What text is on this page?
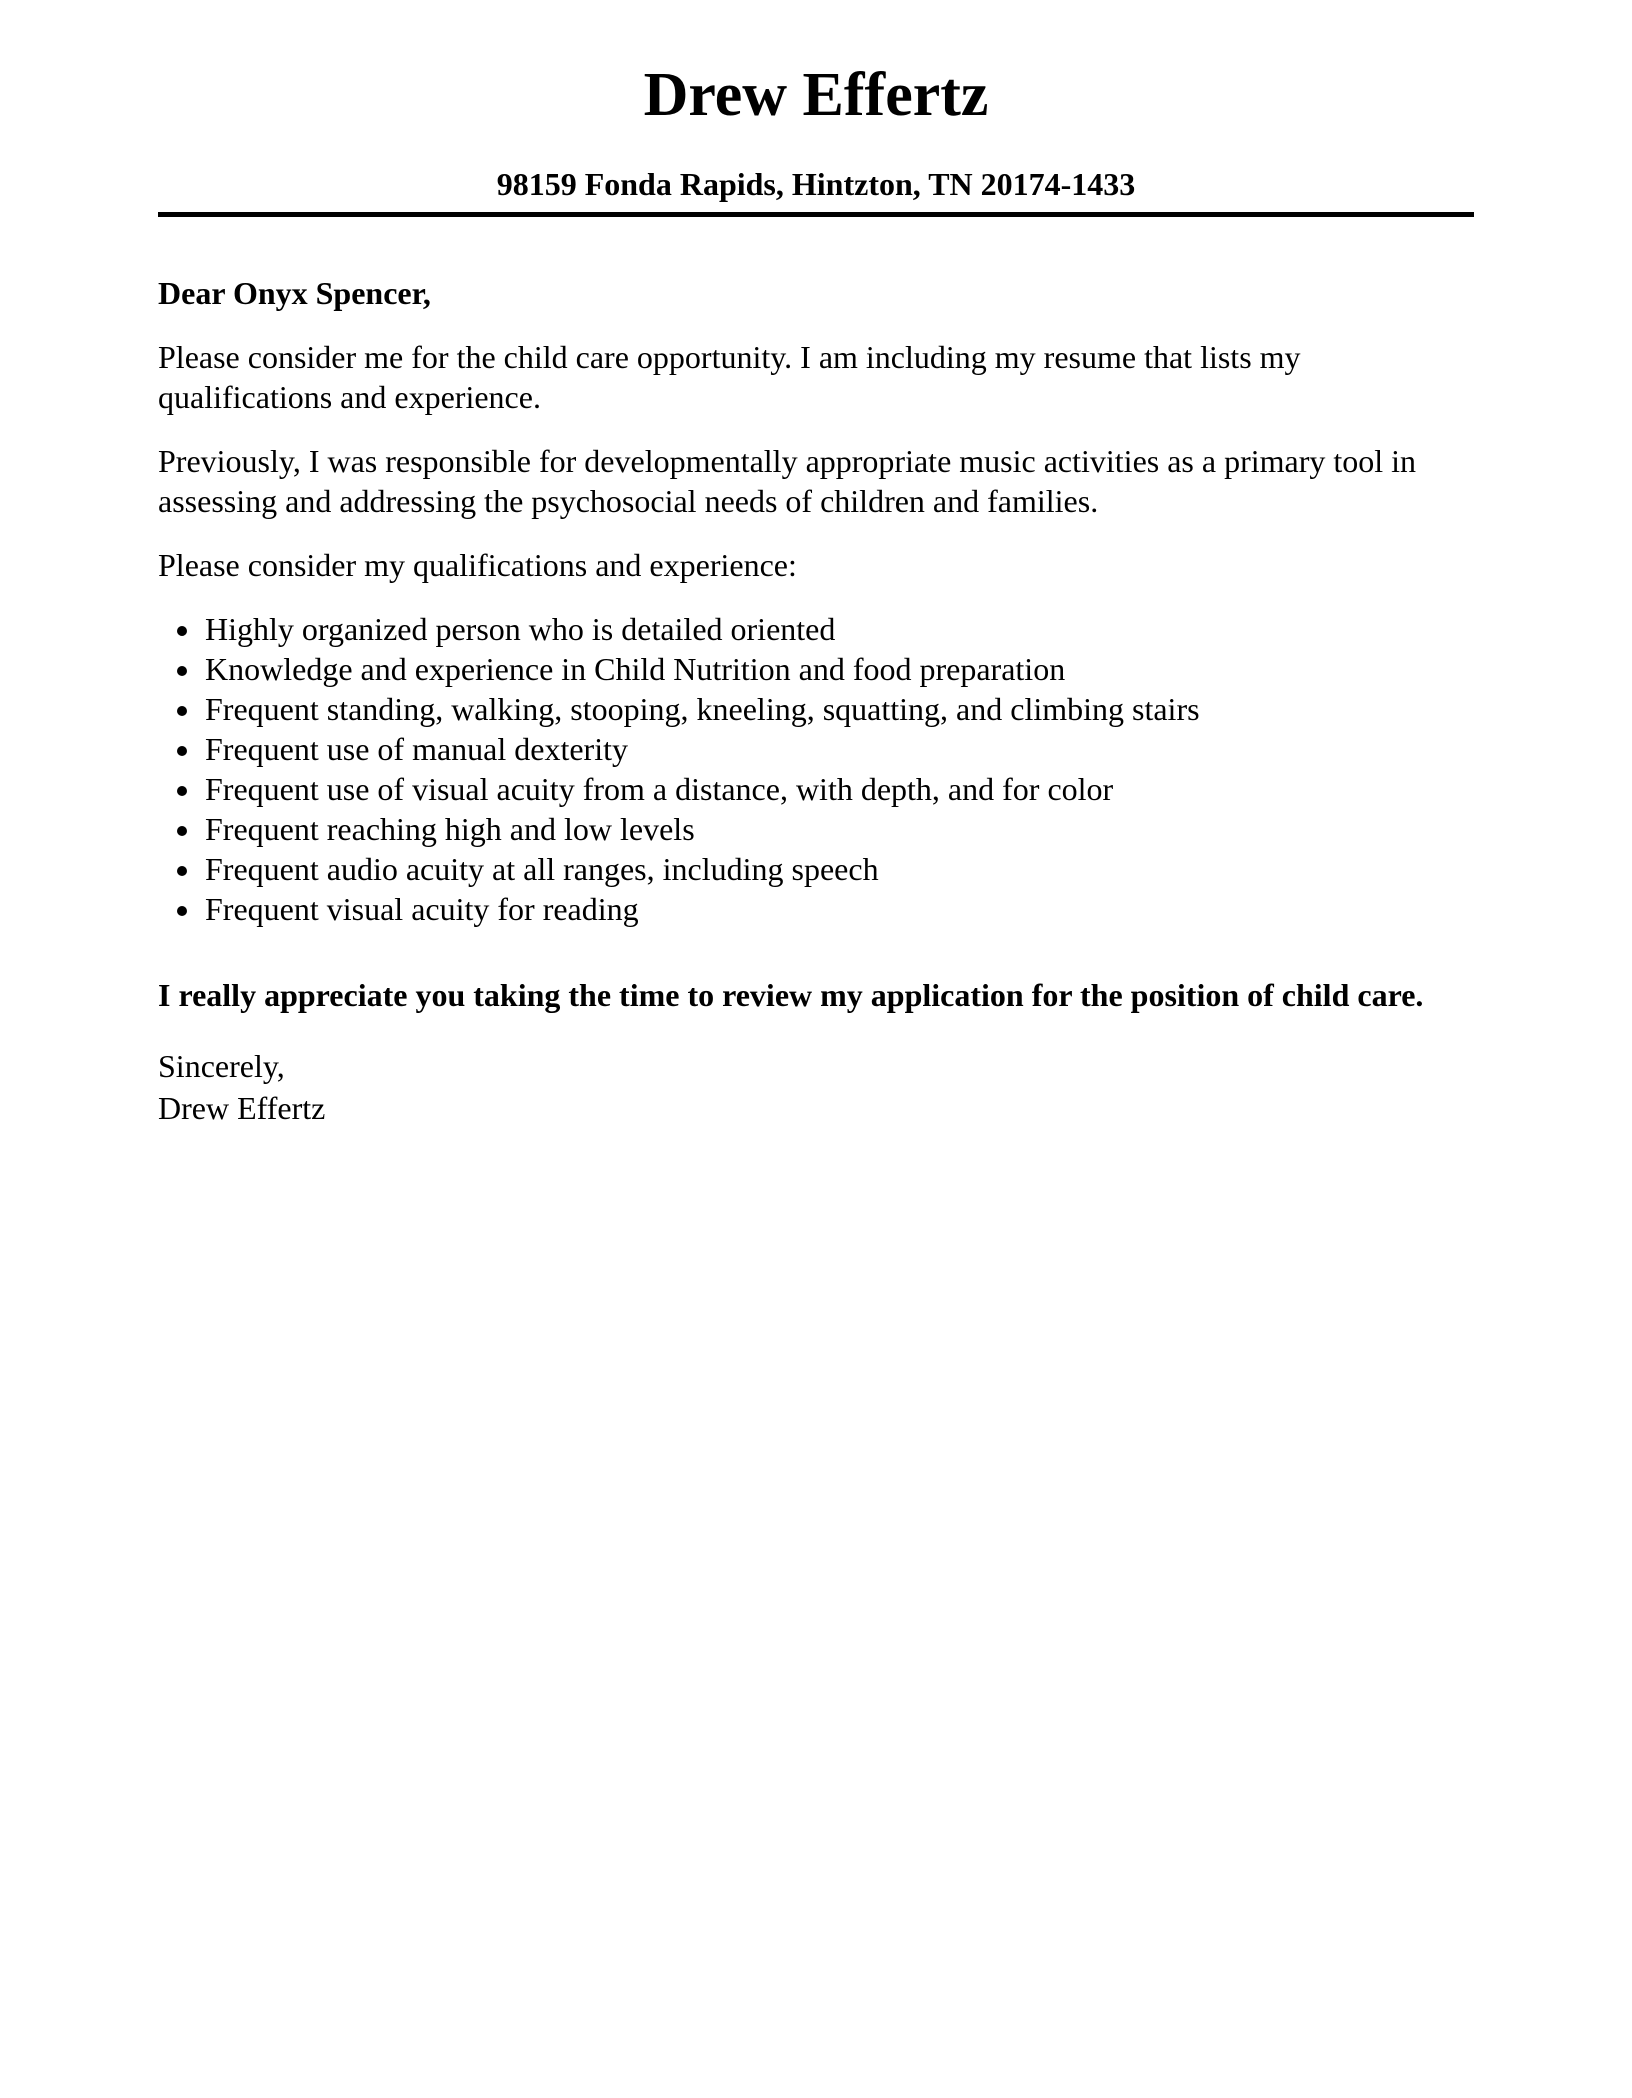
Drew Effertz
98159 Fonda Rapids, Hintzton, TN 20174-1433

Dear Onyx Spencer,

Please consider me for the child care opportunity. I am including my resume that lists my qualifications and experience.

Previously, I was responsible for developmentally appropriate music activities as a primary tool in assessing and addressing the psychosocial needs of children and families.

Please consider my qualifications and experience:

• Highly organized person who is detailed oriented
• Knowledge and experience in Child Nutrition and food preparation
• Frequent standing, walking, stooping, kneeling, squatting, and climbing stairs
• Frequent use of manual dexterity
• Frequent use of visual acuity from a distance, with depth, and for color
• Frequent reaching high and low levels
• Frequent audio acuity at all ranges, including speech
• Frequent visual acuity for reading

I really appreciate you taking the time to review my application for the position of child care.

Sincerely,
Drew Effertz
